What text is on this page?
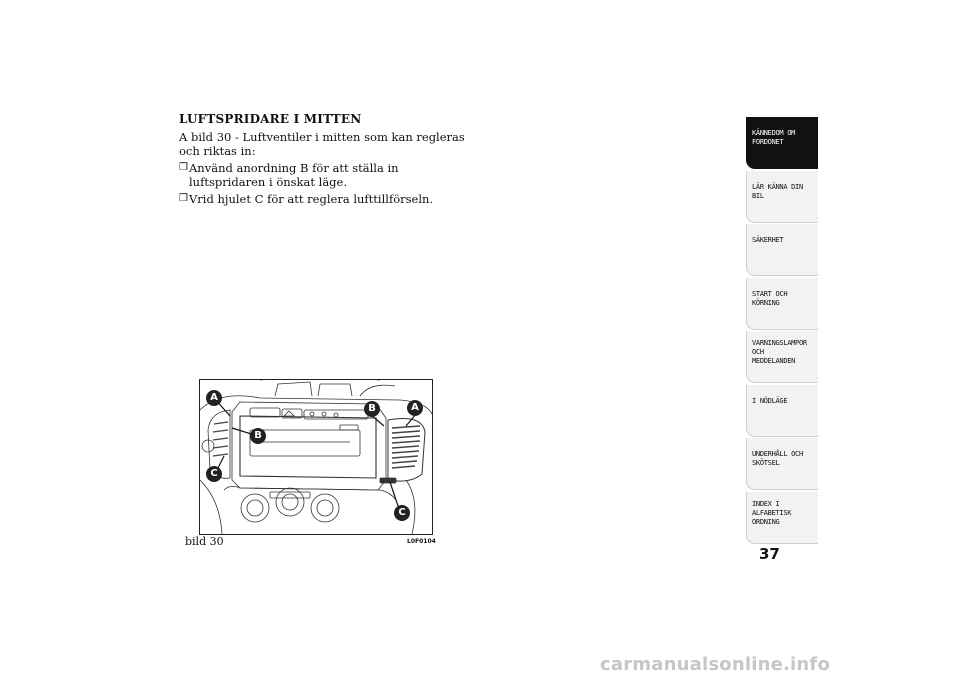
LUFTSPRIDARE I MITTEN
A bild 30 - Luftventiler i mitten som kan regleras och riktas in:
❒ Använd anordning B för att ställa in luftspridaren i önskat läge.
❒ Vrid hjulet C för att reglera lufttillförseln.
A
B
A
B
C
C
bild 30	L0F0104
KÄNNEDOM OM
FORDONET
LÄR KÄNNA DIN
BIL
SÄKERHET
START OCH
KÖRNING
VARNINGSLAMPOR
OCH
MEDDELANDEN
I NÖDLÄGE
UNDERHÅLL OCH
SKÖTSEL
INDEX I
ALFABETISK
ORDNING
37
carmanualsonline.info
